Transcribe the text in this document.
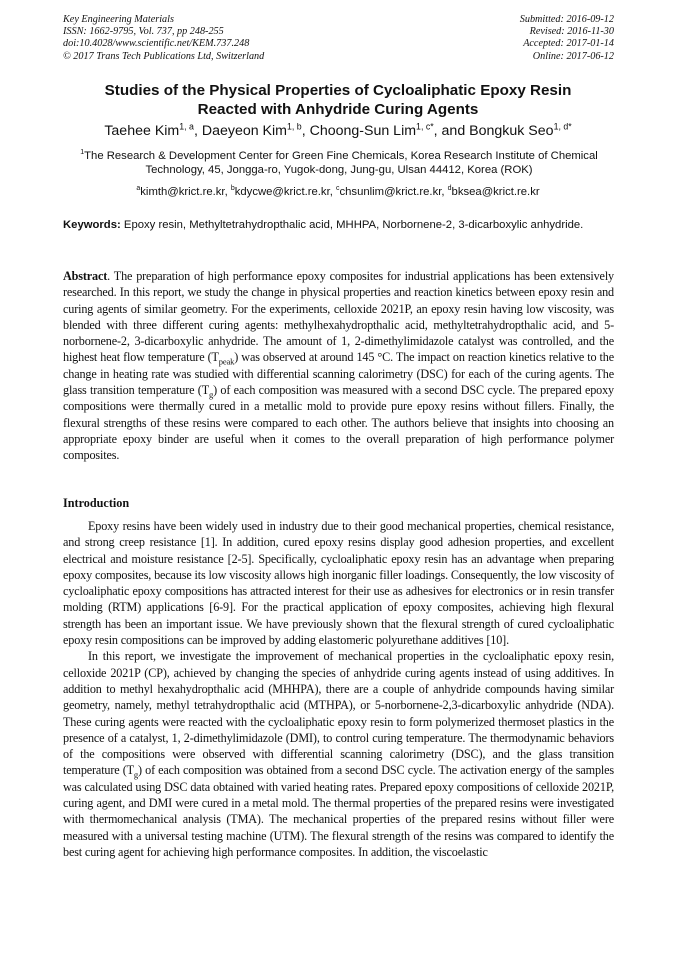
Key Engineering Materials
ISSN: 1662-9795, Vol. 737, pp 248-255
doi:10.4028/www.scientific.net/KEM.737.248
© 2017 Trans Tech Publications Ltd, Switzerland
Submitted: 2016-09-12
Revised: 2016-11-30
Accepted: 2017-01-14
Online: 2017-06-12
Studies of the Physical Properties of Cycloaliphatic Epoxy Resin
Reacted with Anhydride Curing Agents
Taehee Kim$^{1, a}$, Daeyeon Kim$^{1, b}$, Choong-Sun Lim$^{1, c*}$, and Bongkuk Seo$^{1, d*}$
$^1$The Research & Development Center for Green Fine Chemicals, Korea Research Institute of Chemical Technology, 45, Jongga-ro, Yugok-dong, Jung-gu, Ulsan 44412, Korea (ROK)
$^a$kimth@krict.re.kr, $^b$kdycwe@krict.re.kr, $^c$chsunlim@krict.re.kr, $^d$bksea@krict.re.kr
Keywords: Epoxy resin, Methyltetrahydropthalic acid, MHHPA, Norbornene-2, 3-dicarboxylic anhydride.
Abstract. The preparation of high performance epoxy composites for industrial applications has been extensively researched. In this report, we study the change in physical properties and reaction kinetics between epoxy resin and curing agents of similar geometry. For the experiments, celloxide 2021P, an epoxy resin having low viscosity, was blended with three different curing agents: methylhexahydropthalic acid, methyltetrahydropthalic acid, and 5-norbornene-2, 3-dicarboxylic anhydride. The amount of 1, 2-dimethylimidazole catalyst was controlled, and the highest heat flow temperature $(T_{peak})$ was observed at around 145 °C. The impact on reaction kinetics relative to the change in heating rate was studied with differential scanning calorimetry (DSC) for each of the curing agents. The glass transition temperature $(T_g)$ of each composition was measured with a second DSC cycle. The prepared epoxy compositions were thermally cured in a metallic mold to provide pure epoxy resins without fillers. Finally, the flexural strengths of these resins were compared to each other. The authors believe that insights into choosing an appropriate epoxy binder are useful when it comes to the overall preparation of high performance polymer composites.
Introduction

Epoxy resins have been widely used in industry due to their good mechanical properties, chemical resistance, and strong creep resistance [1]. In addition, cured epoxy resins display good adhesion properties, and excellent electrical and moisture resistance [2-5]. Specifically, cycloaliphatic epoxy resin has an advantage when preparing epoxy composites, because its low viscosity allows high inorganic filler loadings. Consequently, the low viscosity of cycloaliphatic epoxy compositions has attracted interest for their use as adhesives for electronics or in resin transfer molding (RTM) applications [6-9]. For the practical application of epoxy composites, achieving high flexural strength has been an important issue. We have previously shown that the flexural strength of cured cycloaliphatic epoxy resin compositions can be improved by adding elastomeric polyurethane additives [10].

In this report, we investigate the improvement of mechanical properties in the cycloaliphatic epoxy resin, celloxide 2021P (CP), achieved by changing the species of anhydride curing agents instead of using additives. In addition to methyl hexahydropthalic acid (MHHPA), there are a couple of anhydride compounds having similar geometry, namely, methyl tetrahydropthalic acid (MTHPA), or 5-norbornene-2,3-dicarboxylic anhydride (NDA). These curing agents were reacted with the cycloaliphatic epoxy resin to form polymerized thermoset plastics in the presence of a catalyst, 1, 2-dimethylimidazole (DMI), to control curing temperature. The thermodynamic behaviors of the compositions were observed with differential scanning calorimetry (DSC), and the glass transition temperature $(T_g)$ of each composition was obtained from a second DSC cycle. The activation energy of the samples was calculated using DSC data obtained with varied heating rates. Prepared epoxy compositions of celloxide 2021P, curing agent, and DMI were cured in a metal mold. The thermal properties of the prepared resins were investigated with thermomechanical analysis (TMA). The mechanical properties of the prepared resins without filler were measured with a universal testing machine (UTM). The flexural strength of the resins was compared to identify the best curing agent for achieving high performance composites. In addition, the viscoelastic
